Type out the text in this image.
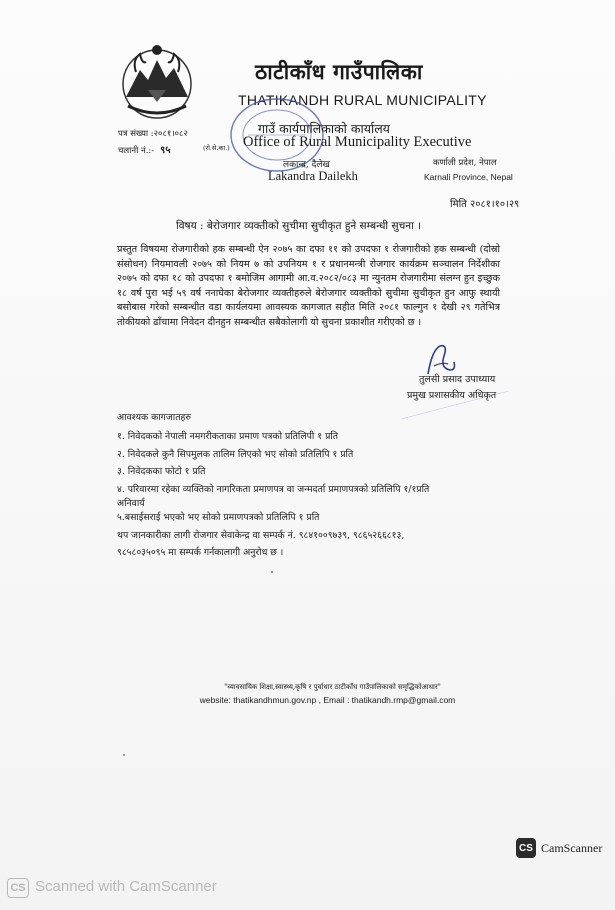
ठाटीकाँध गाउँपालिका
THATIKANDH RURAL MUNICIPALITY
गाउँ कार्यपालिकाको कार्यालय
Office of Rural Municipality Executive
लकान्द्र, दैलेख
Lakandra Dailekh
कर्णाली प्रदेश, नेपाल
Karnali Province, Nepal
पत्र संख्या :२०८१।०८२
चलानी नं.:- ९५	(रो.से.का.)
मिति २०८१।१०।२९
विषय : बेरोजगार व्यक्तीको सुचीमा सुचीकृत हुने सम्बन्धी सुचना ।
प्रस्तुत विषयमा रोजगारीको हक सम्बन्धी ऐन २०७५ का दफा ११ को उपदफा १ रोजगारीको हक सम्बन्धी (दोस्रो संसोधन) नियमावली २०७५ को नियम ७ को उपनियम १ र प्रधानमन्त्री रोजगार कार्यक्रम सञ्चालन निर्देशीका २०७५ को दफा १८ को उपदफा १ बमोजिम आगामी आ.व.२०८२/०८३ मा न्युनतम रोजगारीमा संलग्न हुन इच्छुक १८ वर्ष पुरा भई ५९ वर्ष ननाघेका बेरोजगार व्यक्तीहरुले बेरोजगार व्यक्तीको सुचीमा सुचीकृत हुन आफु स्थायी बसोबास गरेको सम्बन्धीत वडा कार्यलयमा आवस्यक कागजात सहीत मिति २०८१ फाल्गुन १ देखी २९ गतेभित्र तोकीयको ढाँचामा निवेदन दीनहुन सम्बन्धीत सबैकोलागी यो सुचना प्रकाशीत गरीएको छ ।
तुलसी प्रसाद उपाध्याय
प्रमुख प्रशासकीय अधिकृत
आवश्यक कागजातहरु
१. निवेदकको नेपाली नमगरीकताका प्रमाण पत्रको प्रतिलिपी १ प्रति
२. निवेदकले कुनै सिपमुलक तालिम लिएको भए सोको प्रतिलिपि १ प्रति
३. निवेदकका फोटो १ प्रति
४. परिवारमा रहेका व्यक्तिको नागरिकता प्रमाणपत्र वा जन्मदर्ता प्रमाणपत्रको प्रतिलिपि १/१प्रति
अनिवार्य
५.बसाईसराई भएको भए सोको प्रमाणपत्रको प्रतिलिपि १ प्रति
थप जानकारीका लागी रोजगार सेवाकेन्द्र वा सम्पर्क नं. ९८४१००९७३९, ९८६५२६६८१३,
९८५८०३५०९५ मा सम्पर्क गर्नकालागी अनुरोध छ ।
"व्यावसायिक शिक्षा,स्वास्थ्य,कृषि र पुर्वाधार ठाटीकाँध गाउँपालिकाको समृद्धिकोआधार"
website: thatikandhmun.gov.np , Email : thatikandh.rmp@gmail.com
CS CamScanner
CS Scanned with CamScanner
